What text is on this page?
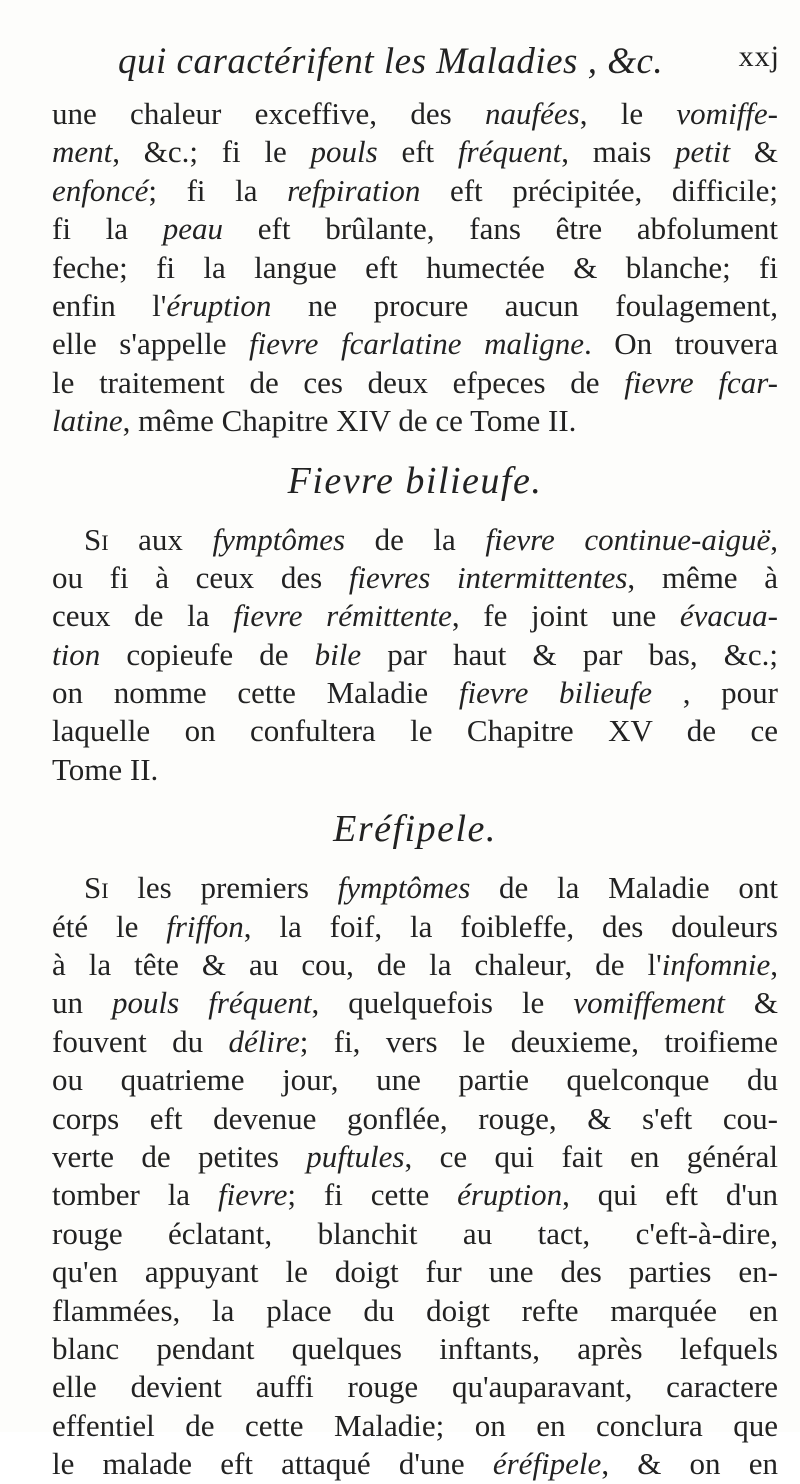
qui caractérifent les Maladies , &c.	xxj
une chaleur exceffive, des naufées, le vomiffe-
ment, &c.; fi le pouls eft fréquent, mais petit &
enfoncé; fi la refpiration eft précipitée, difficile;
fi la peau eft brûlante, fans être abfolument
feche; fi la langue eft humectée & blanche; fi
enfin l'éruption ne procure aucun foulagement,
elle s'appelle fievre fcarlatine maligne. On trouvera
le traitement de ces deux efpeces de fievre fcar-
latine, même Chapitre XIV de ce Tome II.
Fievre bilieufe.
Si aux fymptômes de la fievre continue-aiguë,
ou fi à ceux des fievres intermittentes, même à
ceux de la fievre rémittente, fe joint une évacua-
tion copieufe de bile par haut & par bas, &c.;
on nomme cette Maladie fievre bilieufe , pour
laquelle on confultera le Chapitre XV de ce
Tome II.
Eréfipele.
Si les premiers fymptômes de la Maladie ont
été le friffon, la foif, la foibleffe, des douleurs
à la tête & au cou, de la chaleur, de l'infomnie,
un pouls fréquent, quelquefois le vomiffement &
fouvent du délire; fi, vers le deuxieme, troifieme
ou quatrieme jour, une partie quelconque du
corps eft devenue gonflée, rouge, & s'eft cou-
verte de petites puftules, ce qui fait en général
tomber la fievre; fi cette éruption, qui eft d'un
rouge éclatant, blanchit au tact, c'eft-à-dire,
qu'en appuyant le doigt fur une des parties en-
flammées, la place du doigt refte marquée en
blanc pendant quelques inftants, après lefquels
elle devient auffi rouge qu'auparavant, caractere
effentiel de cette Maladie; on en conclura que
le malade eft attaqué d'une éréfipele, & on en
